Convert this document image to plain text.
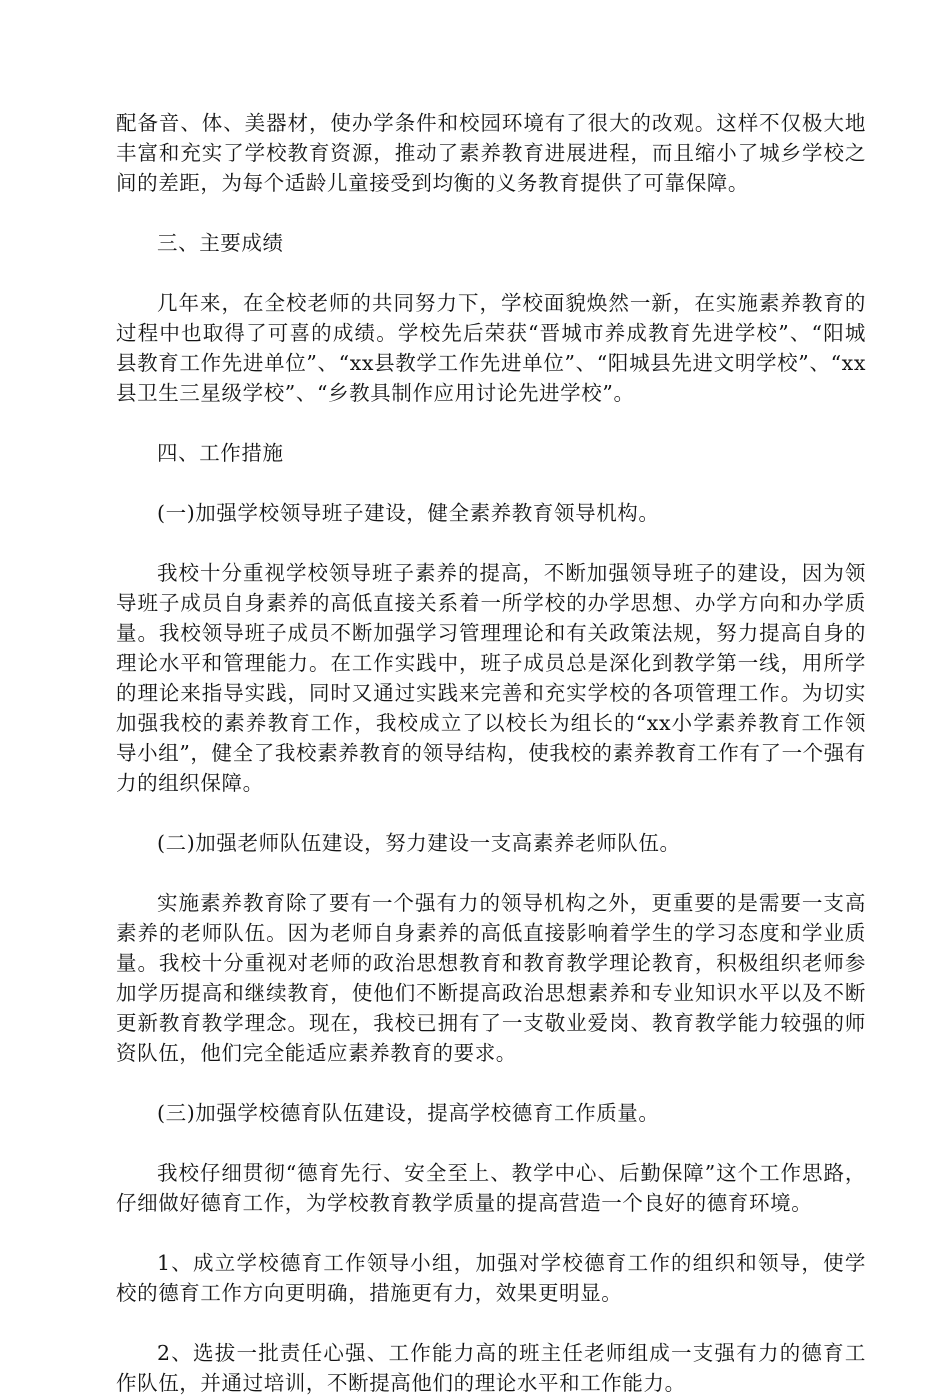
配备音、体、美器材，使办学条件和校园环境有了很大的改观。这样不仅极大地丰富和充实了学校教育资源，推动了素养教育进展进程，而且缩小了城乡学校之间的差距，为每个适龄儿童接受到均衡的义务教育提供了可靠保障。

三、主要成绩

几年来，在全校老师的共同努力下，学校面貌焕然一新，在实施素养教育的过程中也取得了可喜的成绩。学校先后荣获“晋城市养成教育先进学校”、“阳城县教育工作先进单位”、“xx县教学工作先进单位”、“阳城县先进文明学校”、“xx县卫生三星级学校”、“乡教具制作应用讨论先进学校”。

四、工作措施

(一)加强学校领导班子建设，健全素养教育领导机构。

我校十分重视学校领导班子素养的提高，不断加强领导班子的建设，因为领导班子成员自身素养的高低直接关系着一所学校的办学思想、办学方向和办学质量。我校领导班子成员不断加强学习管理理论和有关政策法规，努力提高自身的理论水平和管理能力。在工作实践中，班子成员总是深化到教学第一线，用所学的理论来指导实践，同时又通过实践来完善和充实学校的各项管理工作。为切实加强我校的素养教育工作，我校成立了以校长为组长的“xx小学素养教育工作领导小组”，健全了我校素养教育的领导结构，使我校的素养教育工作有了一个强有力的组织保障。

(二)加强老师队伍建设，努力建设一支高素养老师队伍。

实施素养教育除了要有一个强有力的领导机构之外，更重要的是需要一支高素养的老师队伍。因为老师自身素养的高低直接影响着学生的学习态度和学业质量。我校十分重视对老师的政治思想教育和教育教学理论教育，积极组织老师参加学历提高和继续教育，使他们不断提高政治思想素养和专业知识水平以及不断更新教育教学理念。现在，我校已拥有了一支敬业爱岗、教育教学能力较强的师资队伍，他们完全能适应素养教育的要求。

(三)加强学校德育队伍建设，提高学校德育工作质量。

我校仔细贯彻“德育先行、安全至上、教学中心、后勤保障”这个工作思路，仔细做好德育工作，为学校教育教学质量的提高营造一个良好的德育环境。

1、成立学校德育工作领导小组，加强对学校德育工作的组织和领导，使学校的德育工作方向更明确，措施更有力，效果更明显。

2、选拔一批责任心强、工作能力高的班主任老师组成一支强有力的德育工作队伍，并通过培训，不断提高他们的理论水平和工作能力。
